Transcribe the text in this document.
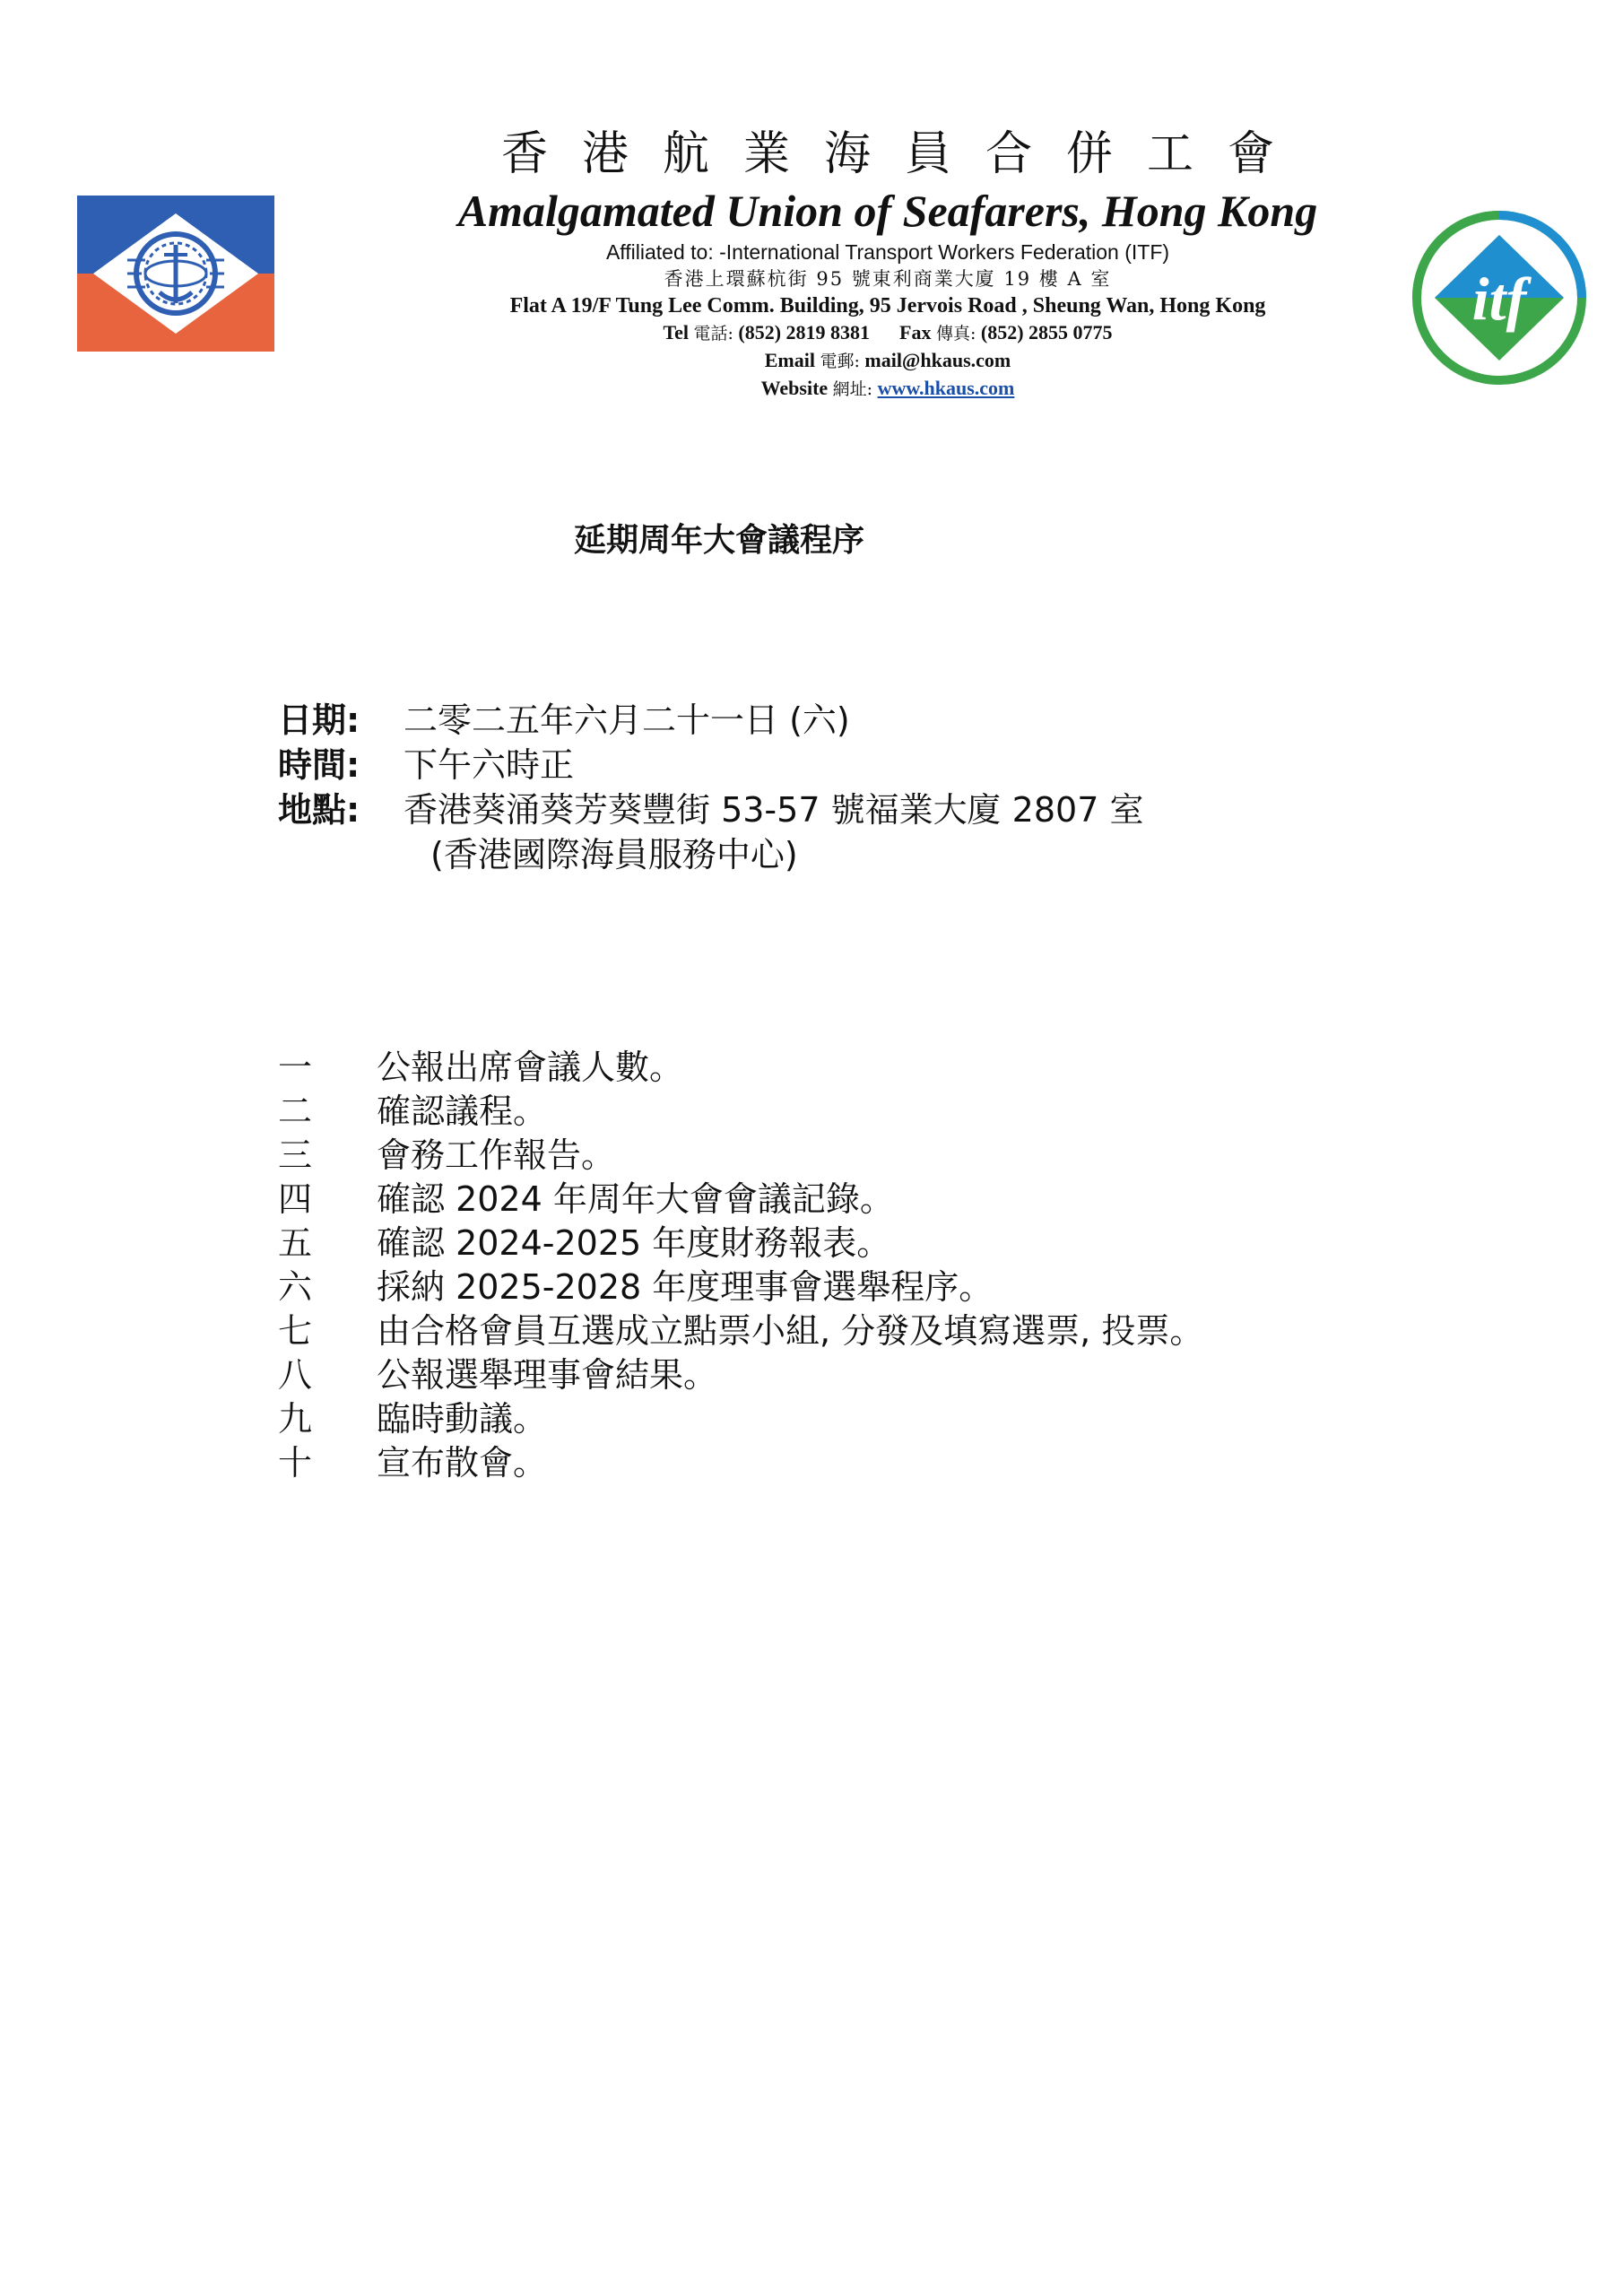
itf

香港航業海員合併工會

Amalgamated Union of Seafarers, Hong Kong

Affiliated to: -International Transport Workers Federation (ITF)

香港上環蘇杭街 95 號東利商業大廈 19 樓 A 室

Flat A 19/F Tung Lee Comm. Building, 95 Jervois Road , Sheung Wan, Hong Kong

Tel 電話: (852) 2819 8381 Fax 傳真: (852) 2855 0775

Email 電郵: mail@hkaus.com

Website 網址: www.hkaus.com

延期周年大會議程序
日期:	二零二五年六月二十一日 (六)
時間:	下午六時正
地點:	香港葵涌葵芳葵豐街 53-57 號福業大廈 2807 室
(香港國際海員服務中心)
一	公報出席會議人數。
二	確認議程。
三	會務工作報告。
四	確認 2024 年周年大會會議記錄。
五	確認 2024-2025 年度財務報表。
六	採納 2025-2028 年度理事會選舉程序。
七	由合格會員互選成立點票小組, 分發及填寫選票, 投票。
八	公報選舉理事會結果。
九	臨時動議。
十	宣布散會。
